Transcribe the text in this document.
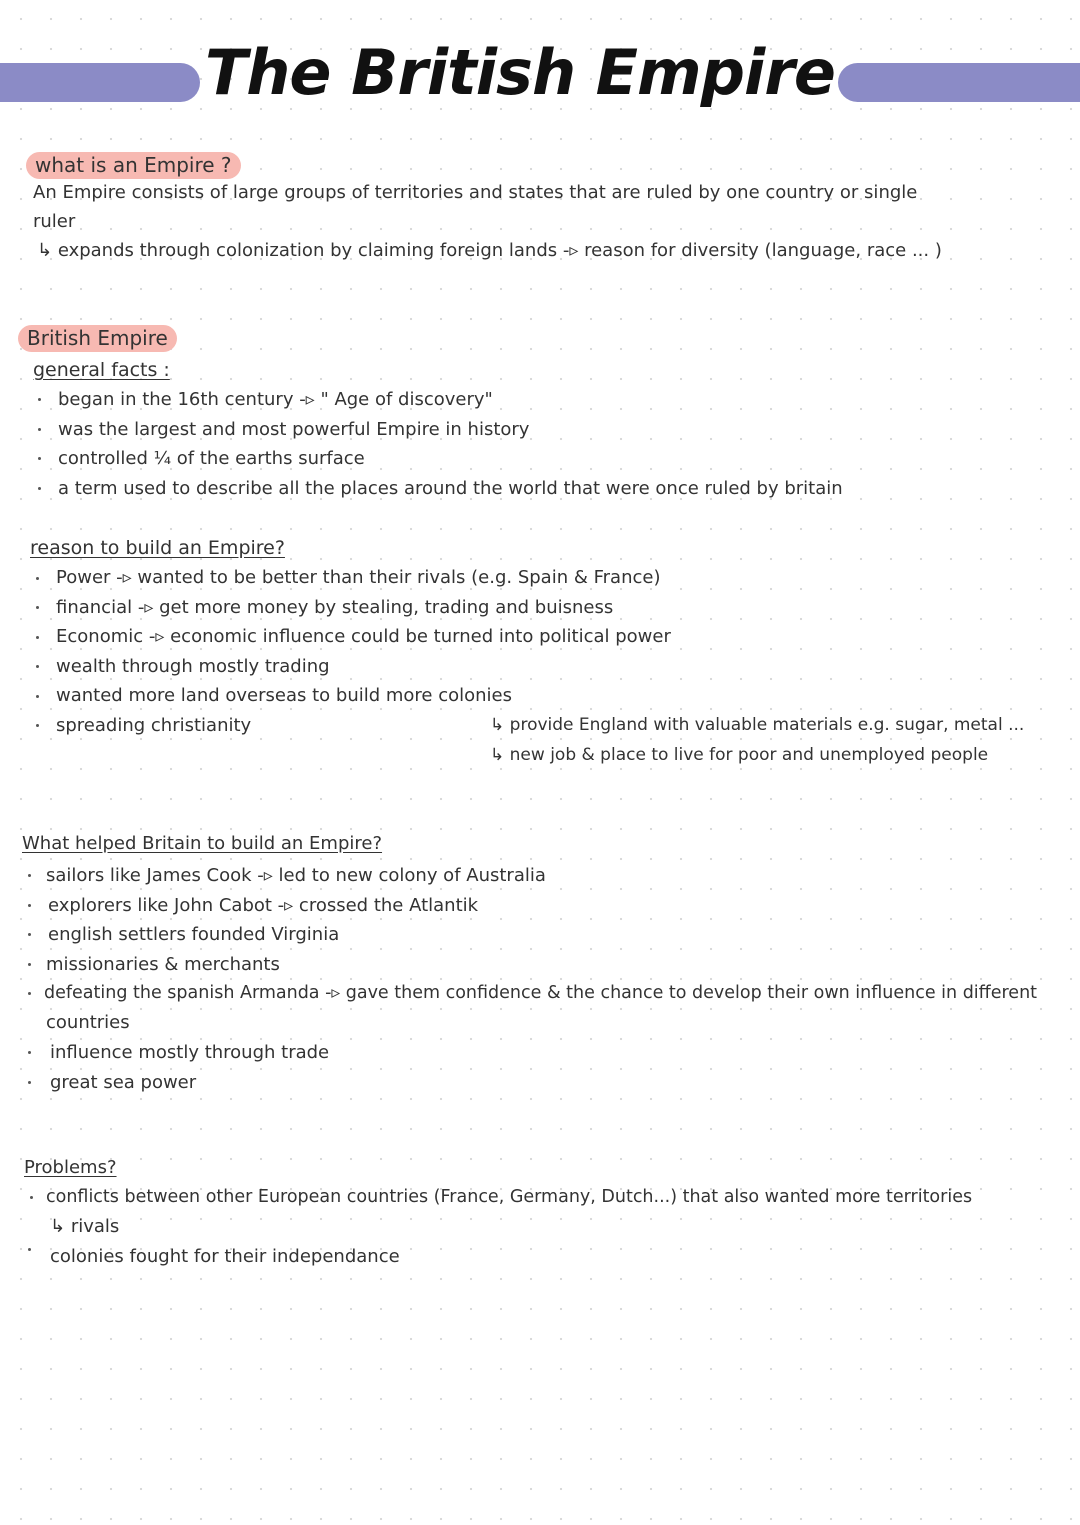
The British Empire
what is an Empire ?
An Empire consists of large groups of territories and states that are ruled by one country or single
ruler
↳ expands through colonization by claiming foreign lands -▹ reason for diversity (language, race ... )
British Empire
general facts :
began in the 16th century -▹ " Age of discovery"
was the largest and most powerful Empire in history
controlled ¼ of the earths surface
a term used to describe all the places around the world that were once ruled by britain
reason to build an Empire?
Power -▹ wanted to be better than their rivals (e.g. Spain & France)
financial -▹ get more money by stealing, trading and buisness
Economic -▹ economic influence could be turned into political power
wealth through mostly trading
wanted more land overseas to build more colonies
spreading christianity	↳ provide England with valuable materials e.g. sugar, metal ...
↳ new job & place to live for poor and unemployed people
What helped Britain to build an Empire?
sailors like James Cook -▹ led to new colony of Australia
explorers like John Cabot -▹ crossed the Atlantik
english settlers founded Virginia
missionaries & merchants
defeating the spanish Armanda -▹ gave them confidence & the chance to develop their own influence in different
countries
influence mostly through trade
great sea power
Problems?
conflicts between other European countries (France, Germany, Dutch...) that also wanted more territories
↳ rivals
colonies fought for their independance
